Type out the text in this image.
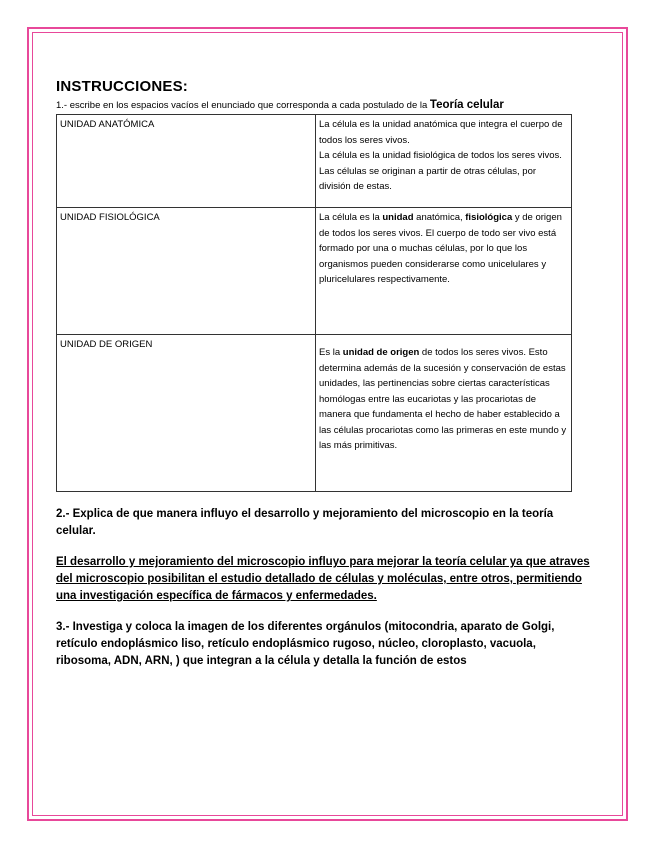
INSTRUCCIONES:
1.- escribe en los espacios vacíos el enunciado que corresponda a cada postulado de la Teoría celular
UNIDAD ANATÓMICA	La célula es la unidad anatómica que integra el cuerpo de todos los seres vivos.

La célula es la unidad fisiológica de todos los seres vivos.

Las células se originan a partir de otras células, por división de estas.

UNIDAD FISIOLÓGICA	La célula es la unidad anatómica, fisiológica y de origen de todos los seres vivos. El cuerpo de todo ser vivo está formado por una o muchas células, por lo que los organismos pueden considerarse como unicelulares y pluricelulares respectivamente.

UNIDAD DE ORIGEN	Es la unidad de origen de todos los seres vivos. Esto determina además de la sucesión y conservación de estas unidades, las pertinencias sobre ciertas características homólogas entre las eucariotas y las procariotas de manera que fundamenta el hecho de haber establecido a las células procariotas como las primeras en este mundo y las más primitivas.

2.- Explica de que manera influyo el desarrollo y mejoramiento del microscopio en la teoría celular.
El desarrollo y mejoramiento del microscopio influyo para mejorar la teoría celular ya que atraves del microscopio posibilitan el estudio detallado de células y moléculas, entre otros, permitiendo una investigación específica de fármacos y enfermedades.
3.- Investiga y coloca la imagen de los diferentes orgánulos (mitocondria, aparato de Golgi, retículo endoplásmico liso, retículo endoplásmico rugoso, núcleo, cloroplasto, vacuola, ribosoma, ADN, ARN, ) que integran a la célula y detalla la función de estos
